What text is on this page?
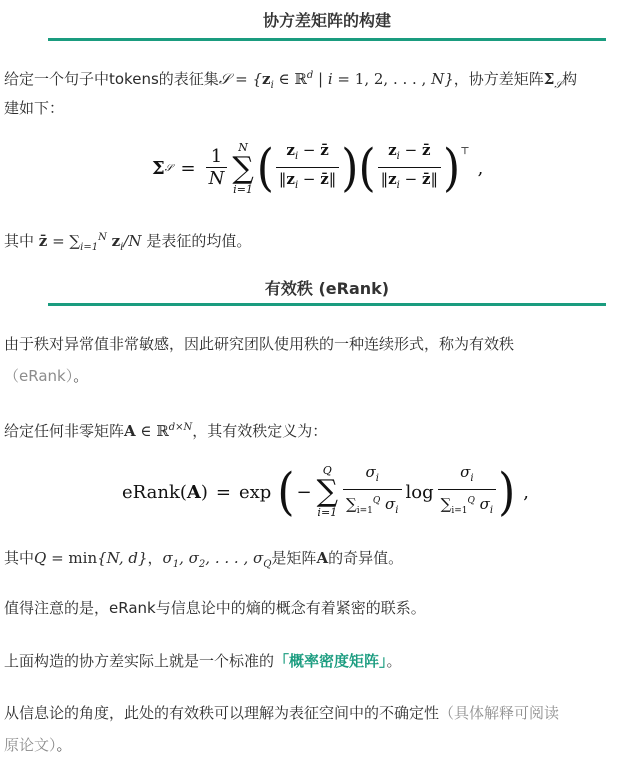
协方差矩阵的构建
给定一个句子中tokens的表征集𝒮 = {$z_i$ ∈ ℝ$^d$ | i = 1, 2, . . . , N}，协方差矩阵$\Sigma_𝒮$构
建如下：
Σ 𝒮 = $\frac{1}{N}$ N
∑
i=1 ( $\frac{z_i - z̄}{‖z_i - z̄‖}$ ) ( $\frac{z_i - z̄}{‖z_i - z̄‖} )^⊤$
,
其中 z̄ = $\sum_{i=1}^N$ $z_i/N$ 是表征的均值。
有效秩 (eRank)
由于秩对异常值非常敏感，因此研究团队使用秩的一种连续形式，称为有效秩
（eRank）。
给定任何非零矩阵A ∈ ℝ$^{d\times N}$，其有效秩定义为：
eRank (A) = exp ( −
Q
∑
$i=1 \frac{\sigma_i}{\sum_{i=1}^Q \sigma_i}$ $\log \frac{\sigma_i}{\sum_{i=1}^Q \sigma_i}$ ) ,
其中Q = min{N, d}，$\sigma_1$, $\sigma_2$, . . . , $\sigma_Q$是矩阵A的奇异值。
值得注意的是，eRank与信息论中的熵的概念有着紧密的联系。
上面构造的协方差实际上就是一个标准的「概率密度矩阵」。
从信息论的角度，此处的有效秩可以理解为表征空间中的不确定性（具体解释可阅读
原论文）。
